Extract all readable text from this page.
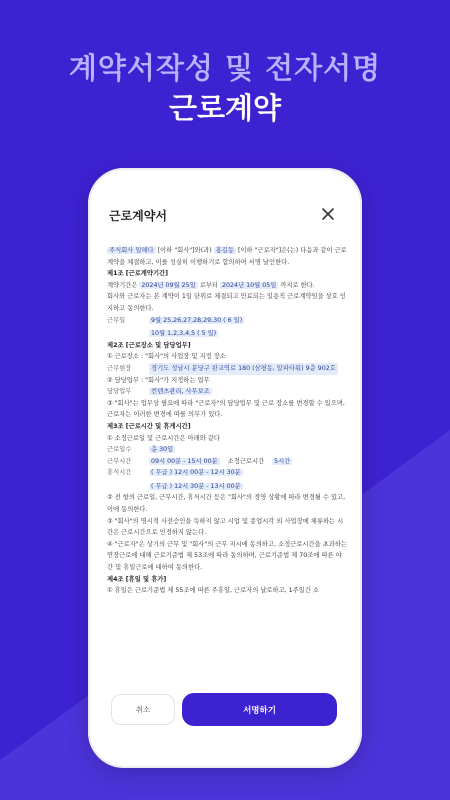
계약서작성 및 전자서명
근로계약
근로계약서

주식회사 일해다 [이하 "회사"]와(과) 홍길동 [이하 "근로자"]은(는) 다음과 같이 근로계약을 체결하고, 이를 성실히 이행하기로 합의하며 서명 날인한다.

제1조 [근로계약기간]

계약기간은 2024년 09월 25일 로부터 2024년 10월 05일 까지로 한다.

회사와 근로자는 본 계약이 1일 단위로 체결되고 만료되는 일용직 근로계약임을 상호 인지하고 동의한다.

근무일	9월 25,26,27,28,29,30 ( 6 일)
10월 1,2,3,4,5 ( 5 일)

제2조 [근로장소 및 담당업무]

① 근로장소 : "회사"의 사업장 및 지정 장소

근무현장	경기도 성남시 분당구 판교역로 180 (삼평동, 알파타워) 9층 902호

② 담당업무 : "회사"가 지정하는 업무

담당업무	컨텐츠관리, 사무보조

③ "회사"는 업무상 필요에 따라 "근로자"의 담당업무 및 근로 장소를 변경할 수 있으며, 근로자는 이러한 변경에 따를 의무가 있다.

제3조 [근로시간 및 휴게시간]

① 소정근로일 및 근로시간은 아래와 같다

근로일수	총 30일
근무시간	09시 00분 - 15시 00분	소정근로시간	5시간
휴식시간	( 무급 ) 12시 00분 - 12시 30분
( 무급 ) 12시 30분 - 13시 00분

② 전 항의 근로일, 근무시간, 휴식시간 등은 "회사"의 경영 상황에 따라 변경될 수 있고, 이에 동의한다.

③ "회사"의 명시적 사전승인을 득하지 않고 시업 및 종업시각 외 사업장에 체류하는 시간은 근로시간으로 인정하지 않는다.

④ "근로자"은 상기의 근무 및 "회사"의 근무 지시에 동의하고, 소정근로시간을 초과하는 연장근로에 대해 근로기준법 제 53조에 따라 동의하며, 근로기준법 제 70조에 따른 야간 및 휴일근로에 대하여 동의한다.

제4조 [휴일 및 휴가]

① 휴일은 근로기준법 제 55조에 따른 주휴일, 근로자의 날로하고, 1주일간 소

취소	서명하기
